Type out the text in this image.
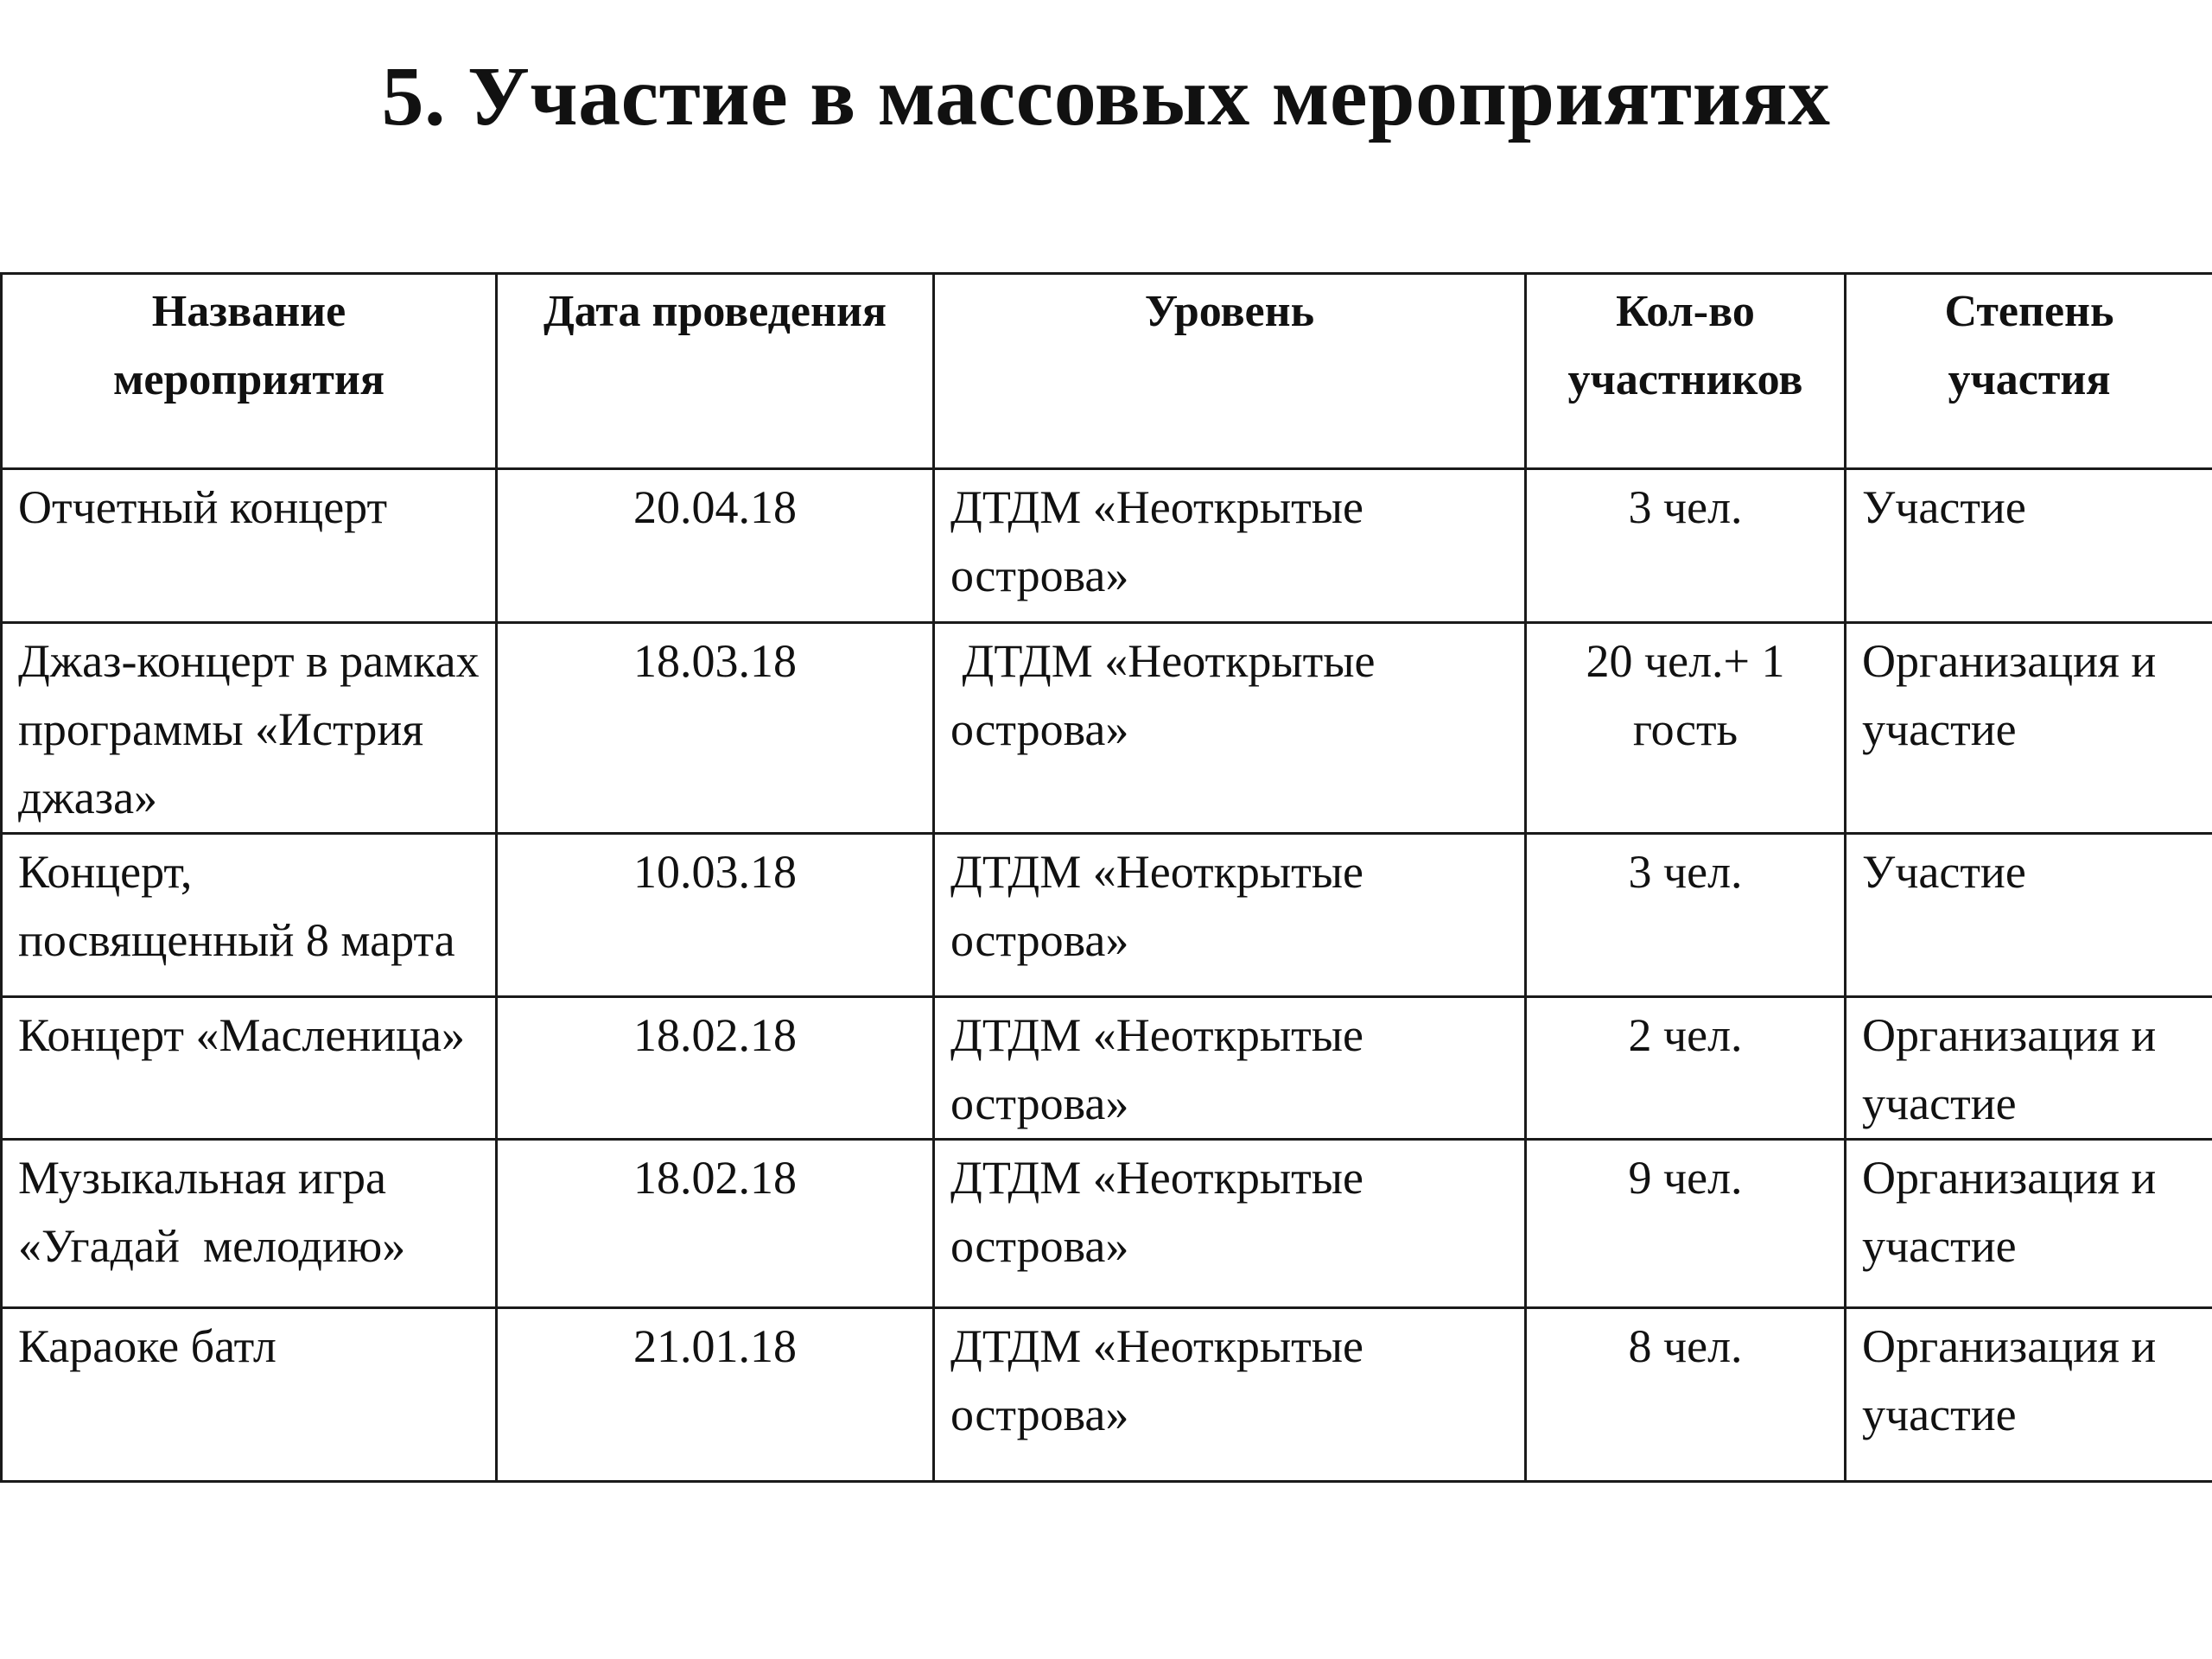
5. Участие в массовых мероприятиях
Название мероприятия	Дата проведения	Уровень	Кол-во участников	Степень участия

Отчетный концерт	20.04.18	ДТДМ «Неоткрытые острова»	3 чел.	Участие
Джаз-концерт в рамках программы «Истрия джаза»	18.03.18	ДТДМ «Неоткрытые острова»	20 чел.+ 1 гость	Организация и участие
Концерт, посвященный 8 марта	10.03.18	ДТДМ «Неоткрытые острова»	3 чел.	Участие
Концерт «Масленица»	18.02.18	ДТДМ «Неоткрытые острова»	2 чел.	Организация и участие
Музыкальная игра «Угадай  мелодию»	18.02.18	ДТДМ «Неоткрытые острова»	9 чел.	Организация и участие
Караоке батл	21.01.18	ДТДМ «Неоткрытые острова»	8 чел.	Организация и участие
